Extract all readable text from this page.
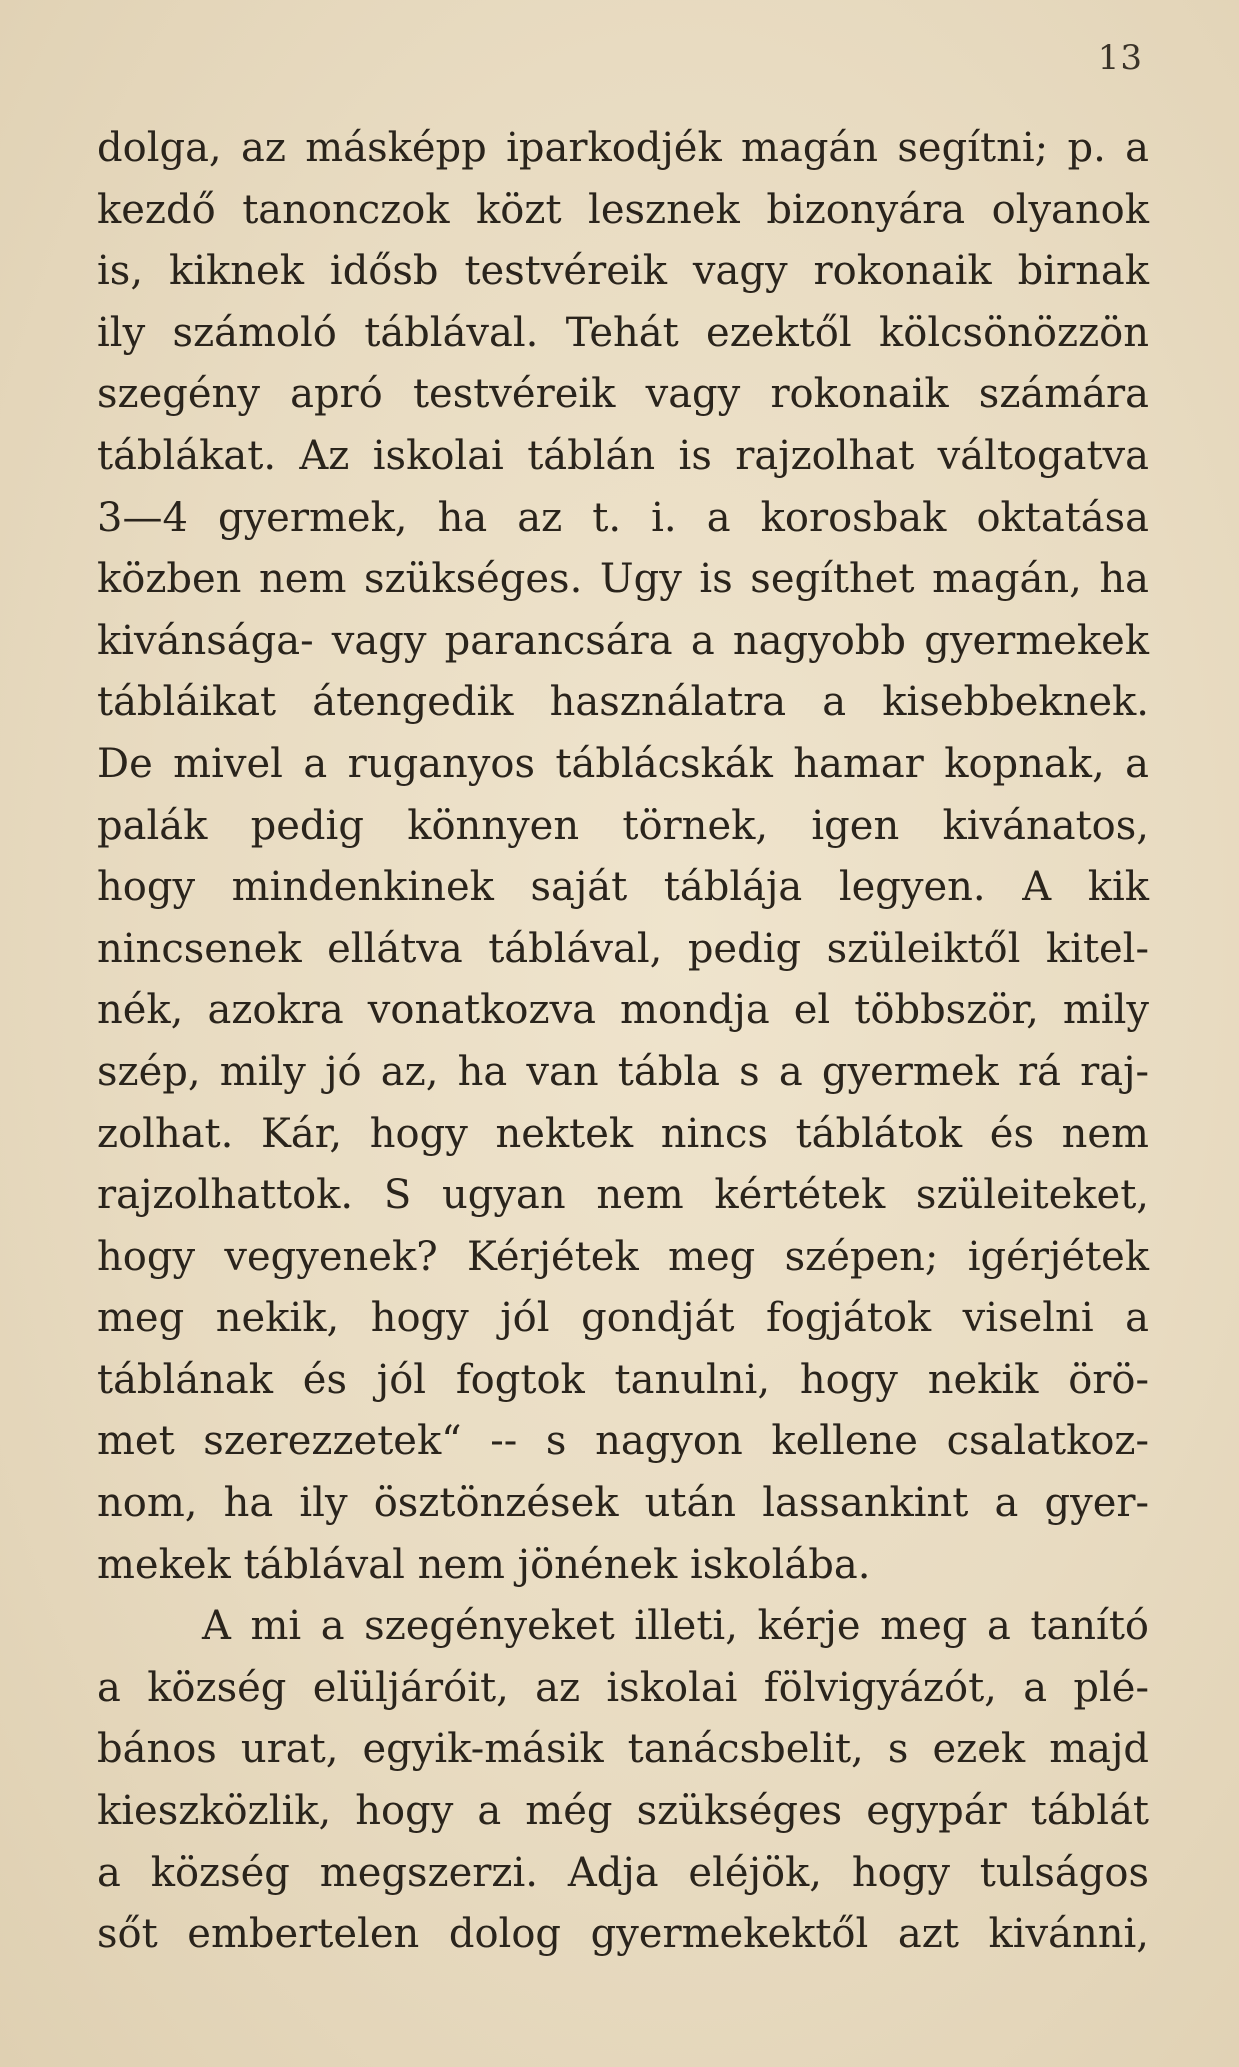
13
dolga, az másképp iparkodjék magán segítni; p. a
kezdő tanonczok közt lesznek bizonyára olyanok
is, kiknek idősb testvéreik vagy rokonaik birnak
ily számoló táblával. Tehát ezektől kölcsönözzön
szegény apró testvéreik vagy rokonaik számára
táblákat. Az iskolai táblán is rajzolhat váltogatva
3—4 gyermek, ha az t. i. a korosbak oktatása
közben nem szükséges. Ugy is segíthet magán, ha
kivánsága- vagy parancsára a nagyobb gyermekek
tábláikat átengedik használatra a kisebbeknek.
De mivel a ruganyos táblácskák hamar kopnak, a
palák pedig könnyen törnek, igen kivánatos,
hogy mindenkinek saját táblája legyen. A kik
nincsenek ellátva táblával, pedig szüleiktől kitel-
nék, azokra vonatkozva mondja el többször, mily
szép, mily jó az, ha van tábla s a gyermek rá raj-
zolhat. Kár, hogy nektek nincs táblátok és nem
rajzolhattok. S ugyan nem kértétek szüleiteket,
hogy vegyenek? Kérjétek meg szépen; igérjétek
meg nekik, hogy jól gondját fogjátok viselni a
táblának és jól fogtok tanulni, hogy nekik örö-
met szerezzetek“ -- s nagyon kellene csalatkoz-
nom, ha ily ösztönzések után lassankint a gyer-
mekek táblával nem jönének iskolába.
A mi a szegényeket illeti, kérje meg a tanító
a község elüljáróit, az iskolai fölvigyázót, a plé-
bános urat, egyik-másik tanácsbelit, s ezek majd
kieszközlik, hogy a még szükséges egypár táblát
a község megszerzi. Adja eléjök, hogy tulságos
sőt embertelen dolog gyermekektől azt kivánni,
